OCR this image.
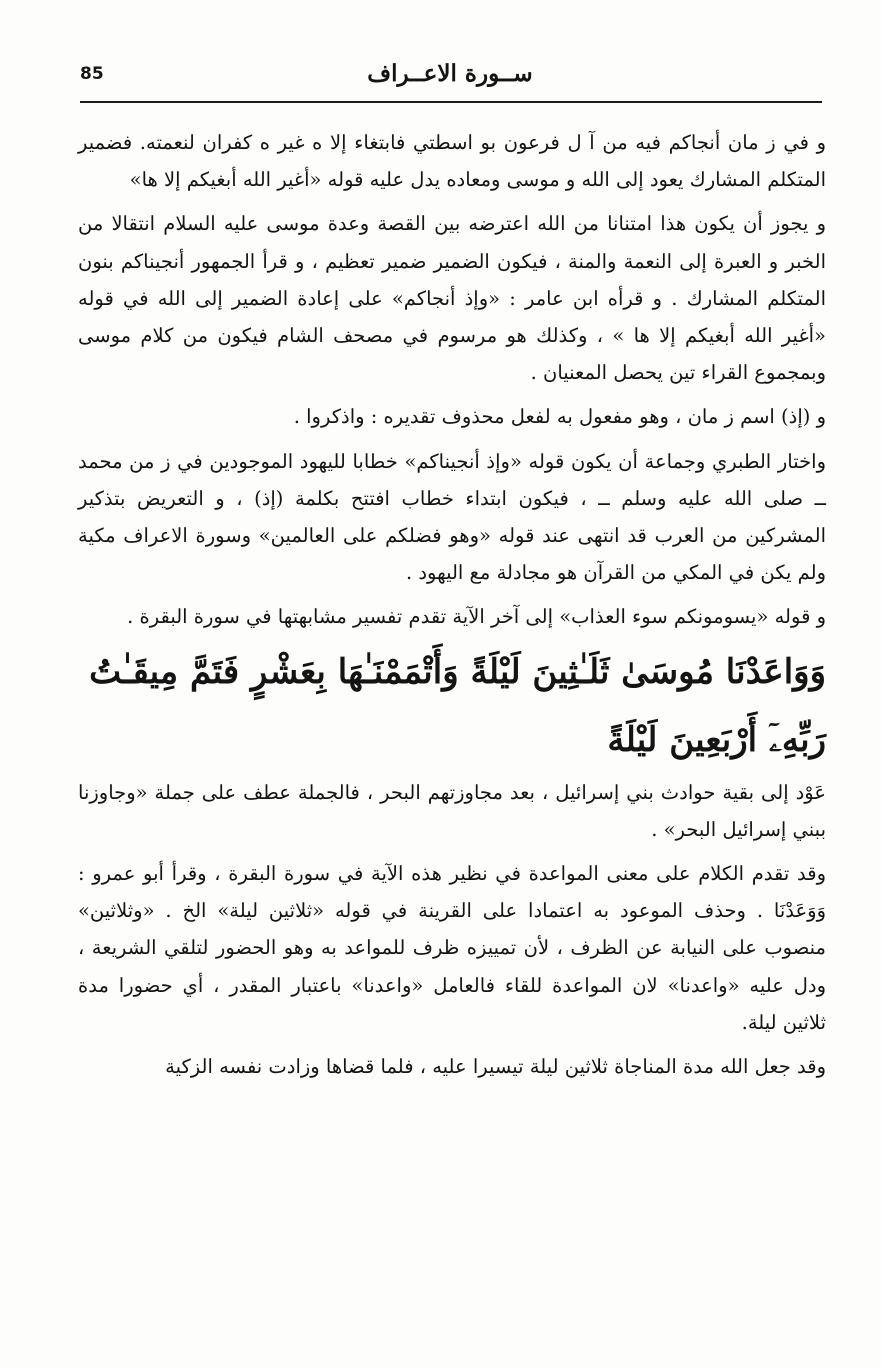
85	ســورة الاعــراف

و في ز مان أنجاكم فيه من آ ل فرعون بو اسطتي فابتغاء إلا ه غير ه كفران لنعمته. فضمير المتكلم المشارك يعود إلى الله و موسى ومعاده يدل عليه قوله «أغير الله أبغيكم إلا ها»

و يجوز أن يكون هذا امتنانا من الله اعترضه بين القصة وعدة موسى عليه السلام انتقالا من الخبر و العبرة إلى النعمة والمنة ، فيكون الضمير ضمير تعظيم ، و قرأ الجمهور أنجيناكم بنون المتكلم المشارك . و قرأه ابن عامر : «وإذ أنجاكم» على إعادة الضمير إلى الله في قوله «أغير الله أبغيكم إلا ها » ، وكذلك هو مرسوم في مصحف الشام فيكون من كلام موسى وبمجموع القراء تين يحصل المعنيان .

و (إذ) اسم ز مان ، وهو مفعول به لفعل محذوف تقديره : واذكروا .

واختار الطبري وجماعة أن يكون قوله «وإذ أنجيناكم» خطابا لليهود الموجودين في ز من محمد ــ صلى الله عليه وسلم ــ ، فيكون ابتداء خطاب افتتح بكلمة (إذ) ، و التعريض بتذكير المشركين من العرب قد انتهى عند قوله «وهو فضلكم على العالمين» وسورة الاعراف مكية ولم يكن في المكي من القرآن هو مجادلة مع اليهود .

و قوله «يسومونكم سوء العذاب» إلى آخر الآية تقدم تفسير مشابهتها في سورة البقرة .

وَوَاعَدْنَا مُوسَىٰ ثَلَـٰثِينَ لَيْلَةً وَأَتْمَمْنَـٰهَا بِعَشْرٍ فَتَمَّ مِيقَـٰتُ
رَبِّهِۦٓ أَرْبَعِينَ لَيْلَةً

عَوْد إلى بقية حوادث بني إسرائيل ، بعد مجاوزتهم البحر ، فالجملة عطف على جملة «وجاوزنا ببني إسرائيل البحر» .

وقد تقدم الكلام على معنى المواعدة في نظير هذه الآية في سورة البقرة ، وقرأ أبو عمرو : وَوَعَدْنَا . وحذف الموعود به اعتمادا على القرينة في قوله «ثلاثين ليلة» الخ . «وثلاثين» منصوب على النيابة عن الظرف ، لأن تمييزه ظرف للمواعد به وهو الحضور لتلقي الشريعة ، ودل عليه «واعدنا» لان المواعدة للقاء فالعامل «واعدنا» باعتبار المقدر ، أي حضورا مدة ثلاثين ليلة.

وقد جعل الله مدة المناجاة ثلاثين ليلة تيسيرا عليه ، فلما قضاها وزادت نفسه الزكية
